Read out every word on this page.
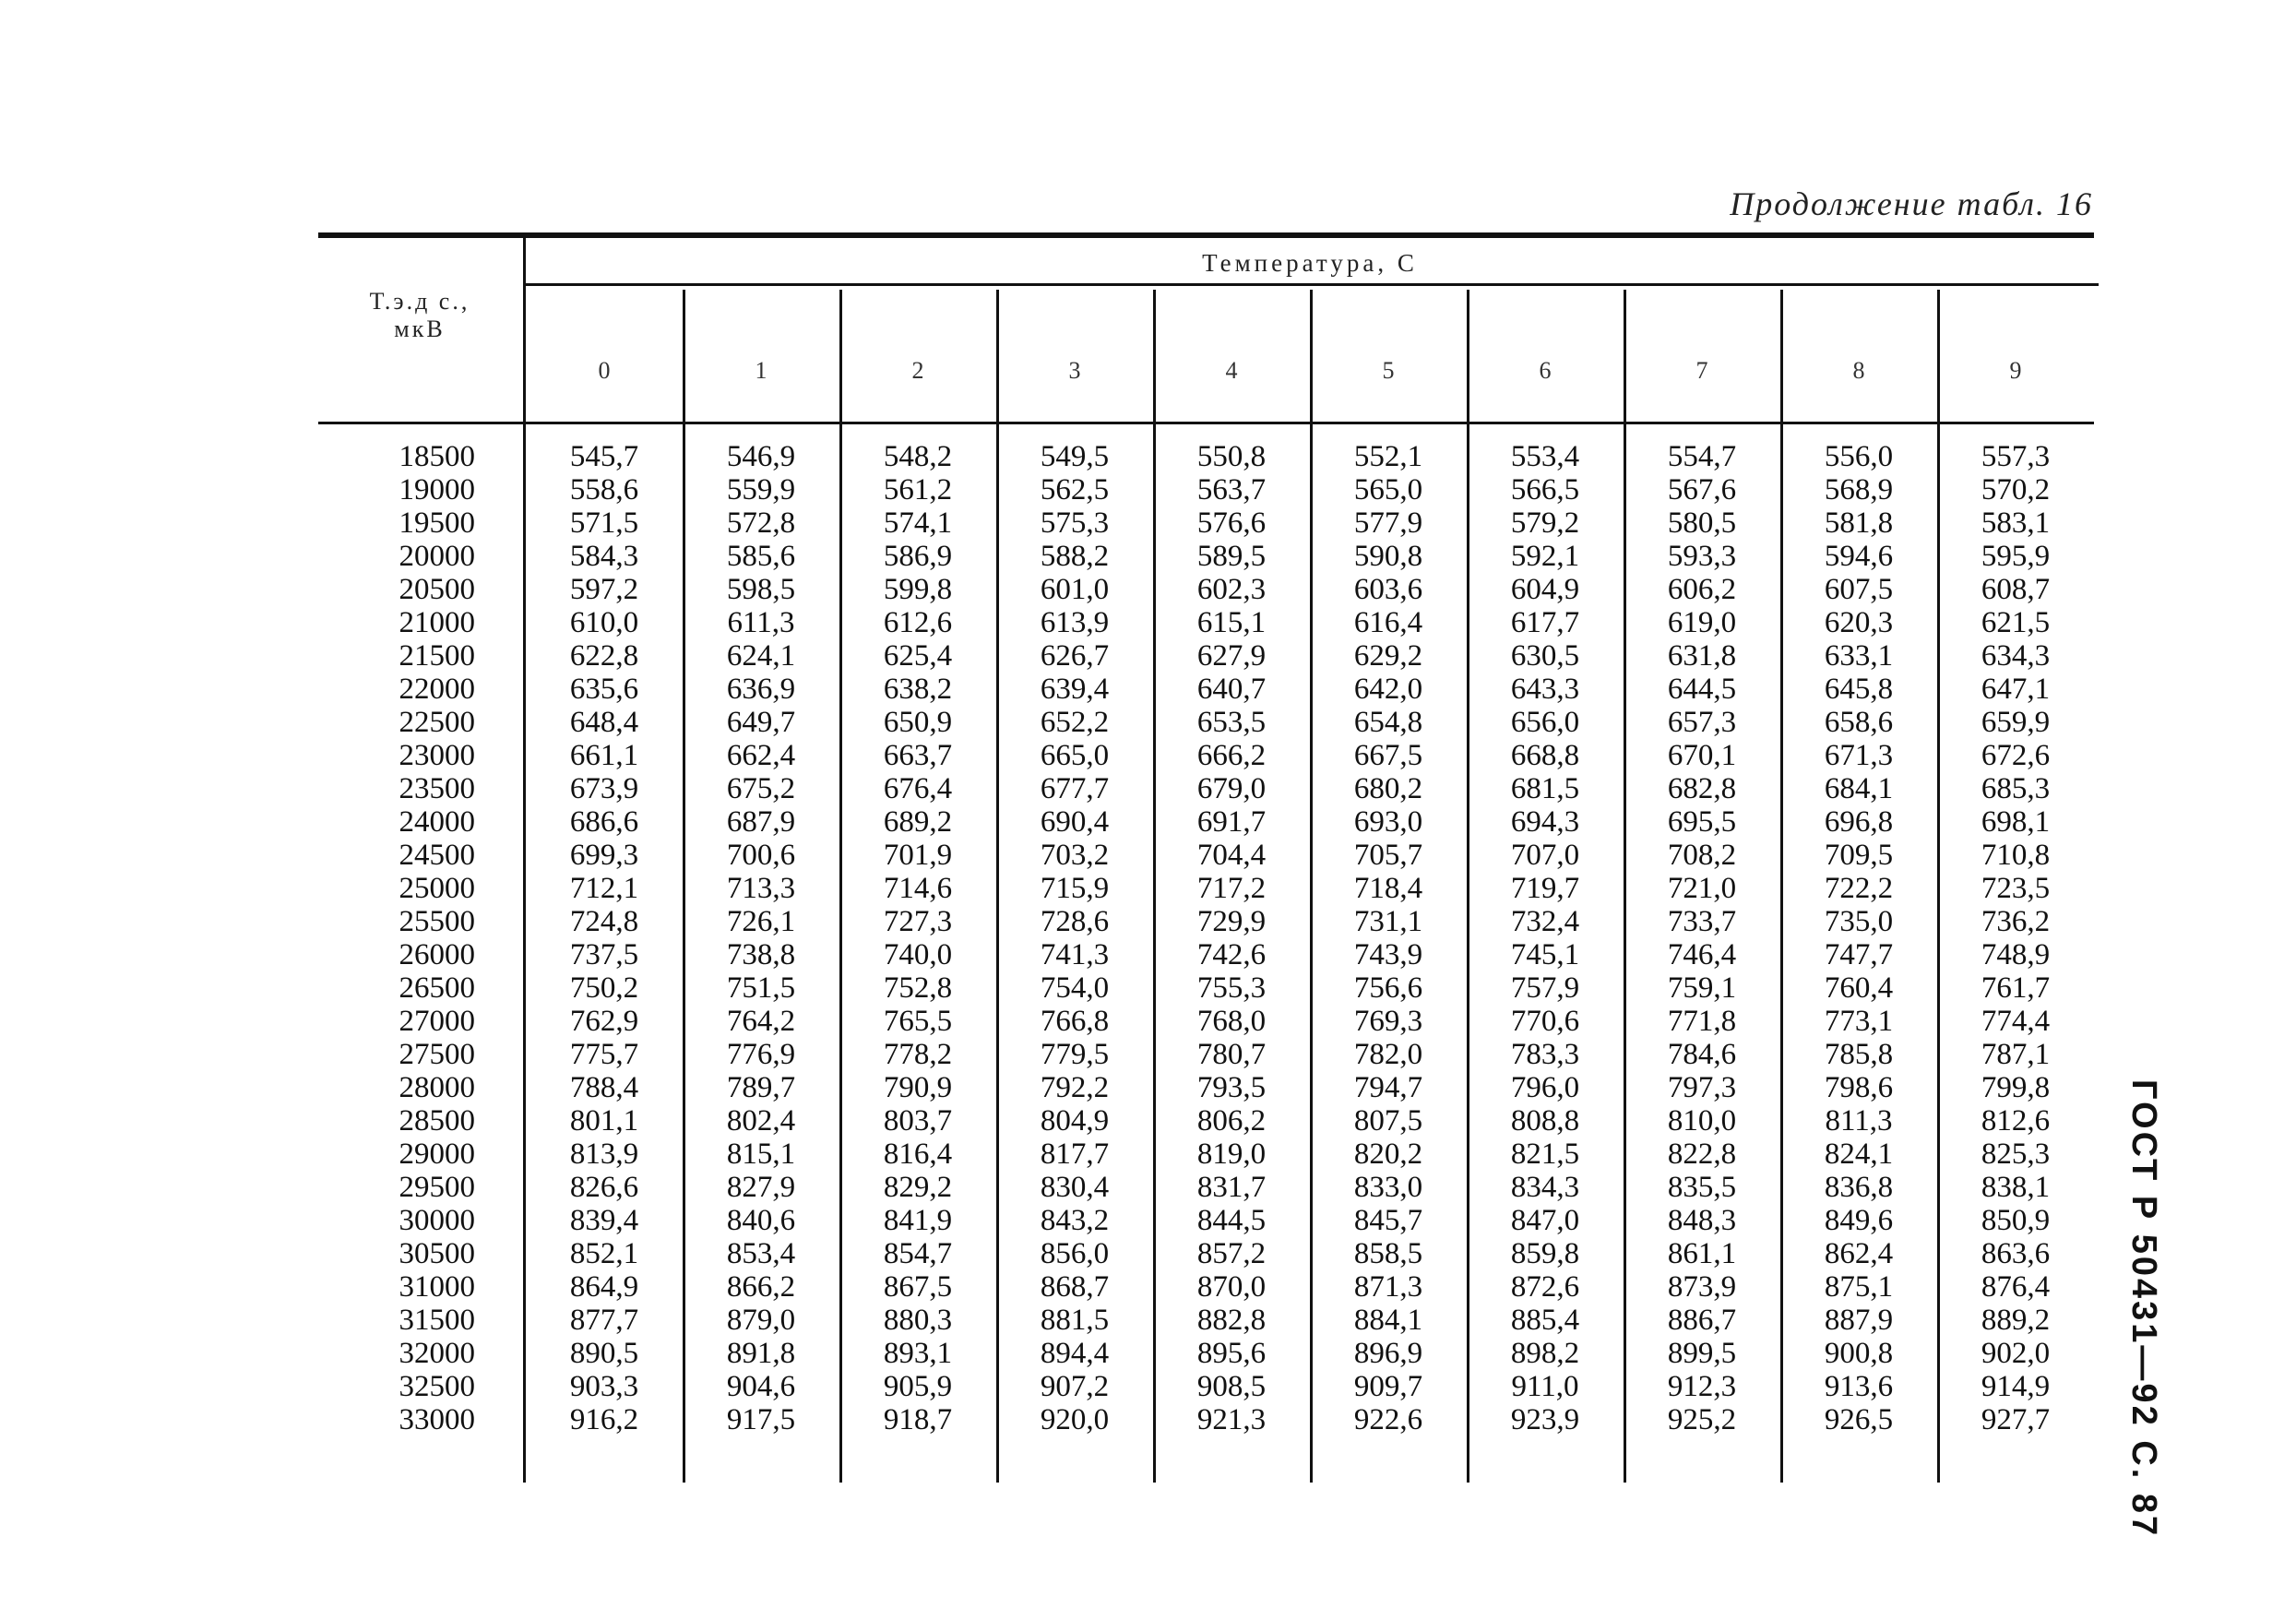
Продолжение табл. 16
Т.э.д с.,
мкВ
Температура, С
0	1	2	3	4	5	6	7	8	9
18500	545,7	546,9	548,2	549,5	550,8	552,1	553,4	554,7	556,0	557,3
19000	558,6	559,9	561,2	562,5	563,7	565,0	566,5	567,6	568,9	570,2
19500	571,5	572,8	574,1	575,3	576,6	577,9	579,2	580,5	581,8	583,1
20000	584,3	585,6	586,9	588,2	589,5	590,8	592,1	593,3	594,6	595,9
20500	597,2	598,5	599,8	601,0	602,3	603,6	604,9	606,2	607,5	608,7
21000	610,0	611,3	612,6	613,9	615,1	616,4	617,7	619,0	620,3	621,5
21500	622,8	624,1	625,4	626,7	627,9	629,2	630,5	631,8	633,1	634,3
22000	635,6	636,9	638,2	639,4	640,7	642,0	643,3	644,5	645,8	647,1
22500	648,4	649,7	650,9	652,2	653,5	654,8	656,0	657,3	658,6	659,9
23000	661,1	662,4	663,7	665,0	666,2	667,5	668,8	670,1	671,3	672,6
23500	673,9	675,2	676,4	677,7	679,0	680,2	681,5	682,8	684,1	685,3
24000	686,6	687,9	689,2	690,4	691,7	693,0	694,3	695,5	696,8	698,1
24500	699,3	700,6	701,9	703,2	704,4	705,7	707,0	708,2	709,5	710,8
25000	712,1	713,3	714,6	715,9	717,2	718,4	719,7	721,0	722,2	723,5
25500	724,8	726,1	727,3	728,6	729,9	731,1	732,4	733,7	735,0	736,2
26000	737,5	738,8	740,0	741,3	742,6	743,9	745,1	746,4	747,7	748,9
26500	750,2	751,5	752,8	754,0	755,3	756,6	757,9	759,1	760,4	761,7
27000	762,9	764,2	765,5	766,8	768,0	769,3	770,6	771,8	773,1	774,4
27500	775,7	776,9	778,2	779,5	780,7	782,0	783,3	784,6	785,8	787,1
28000	788,4	789,7	790,9	792,2	793,5	794,7	796,0	797,3	798,6	799,8
28500	801,1	802,4	803,7	804,9	806,2	807,5	808,8	810,0	811,3	812,6
29000	813,9	815,1	816,4	817,7	819,0	820,2	821,5	822,8	824,1	825,3
29500	826,6	827,9	829,2	830,4	831,7	833,0	834,3	835,5	836,8	838,1
30000	839,4	840,6	841,9	843,2	844,5	845,7	847,0	848,3	849,6	850,9
30500	852,1	853,4	854,7	856,0	857,2	858,5	859,8	861,1	862,4	863,6
31000	864,9	866,2	867,5	868,7	870,0	871,3	872,6	873,9	875,1	876,4
31500	877,7	879,0	880,3	881,5	882,8	884,1	885,4	886,7	887,9	889,2
32000	890,5	891,8	893,1	894,4	895,6	896,9	898,2	899,5	900,8	902,0
32500	903,3	904,6	905,9	907,2	908,5	909,7	911,0	912,3	913,6	914,9
33000	916,2	917,5	918,7	920,0	921,3	922,6	923,9	925,2	926,5	927,7	ГОСТ Р 50431—92 С. 87
